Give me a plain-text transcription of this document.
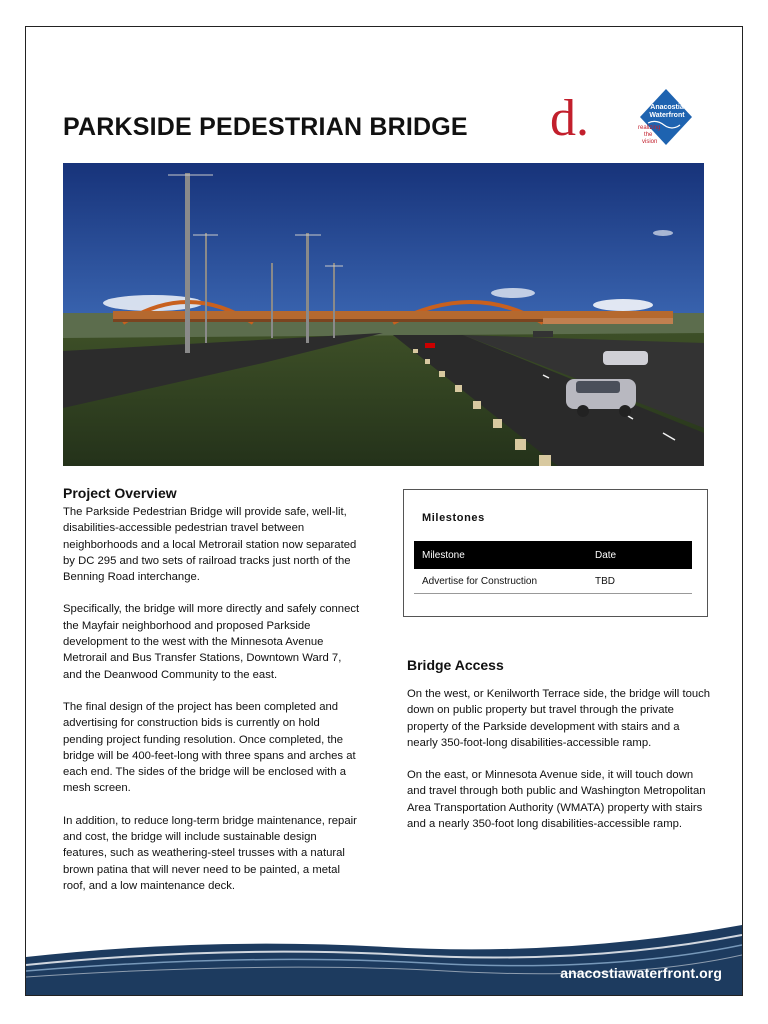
PARKSIDE PEDESTRIAN BRIDGE d.	Anacostia
Waterfront
realizing
the
vision
Project Overview

The Parkside Pedestrian Bridge will provide safe, well-lit, disabilities-accessible pedestrian travel between neighborhoods and a local Metrorail station now separated by DC 295 and two sets of railroad tracks just north of the Benning Road interchange.

Specifically, the bridge will more directly and safely connect the Mayfair neighborhood and proposed Parkside development to the west with the Minnesota Avenue Metrorail and Bus Transfer Stations, Downtown Ward 7, and the Deanwood Community to the east.

The final design of the project has been completed and advertising for construction bids is currently on hold pending project funding resolution. Once completed, the bridge will be 400-feet-long with three spans and arches at each end. The sides of the bridge will be enclosed with a mesh screen.

In addition, to reduce long-term bridge maintenance, repair and cost, the bridge will include sustainable design features, such as weathering-steel trusses with a natural brown patina that will never need to be painted, a metal roof, and a low maintenance deck.

Milestones
Milestone	Date
Advertise for Construction	TBD
Bridge Access

On the west, or Kenilworth Terrace side, the bridge will touch down on public property but travel through the private property of the Parkside development with stairs and a nearly 350-foot-long disabilities-accessible ramp.

On the east, or Minnesota Avenue side, it will touch down and travel through both public and Washington Metropolitan Area Transportation Authority (WMATA) property with stairs and a nearly 350-foot long disabilities-accessible ramp.

anacostiawaterfront.org
